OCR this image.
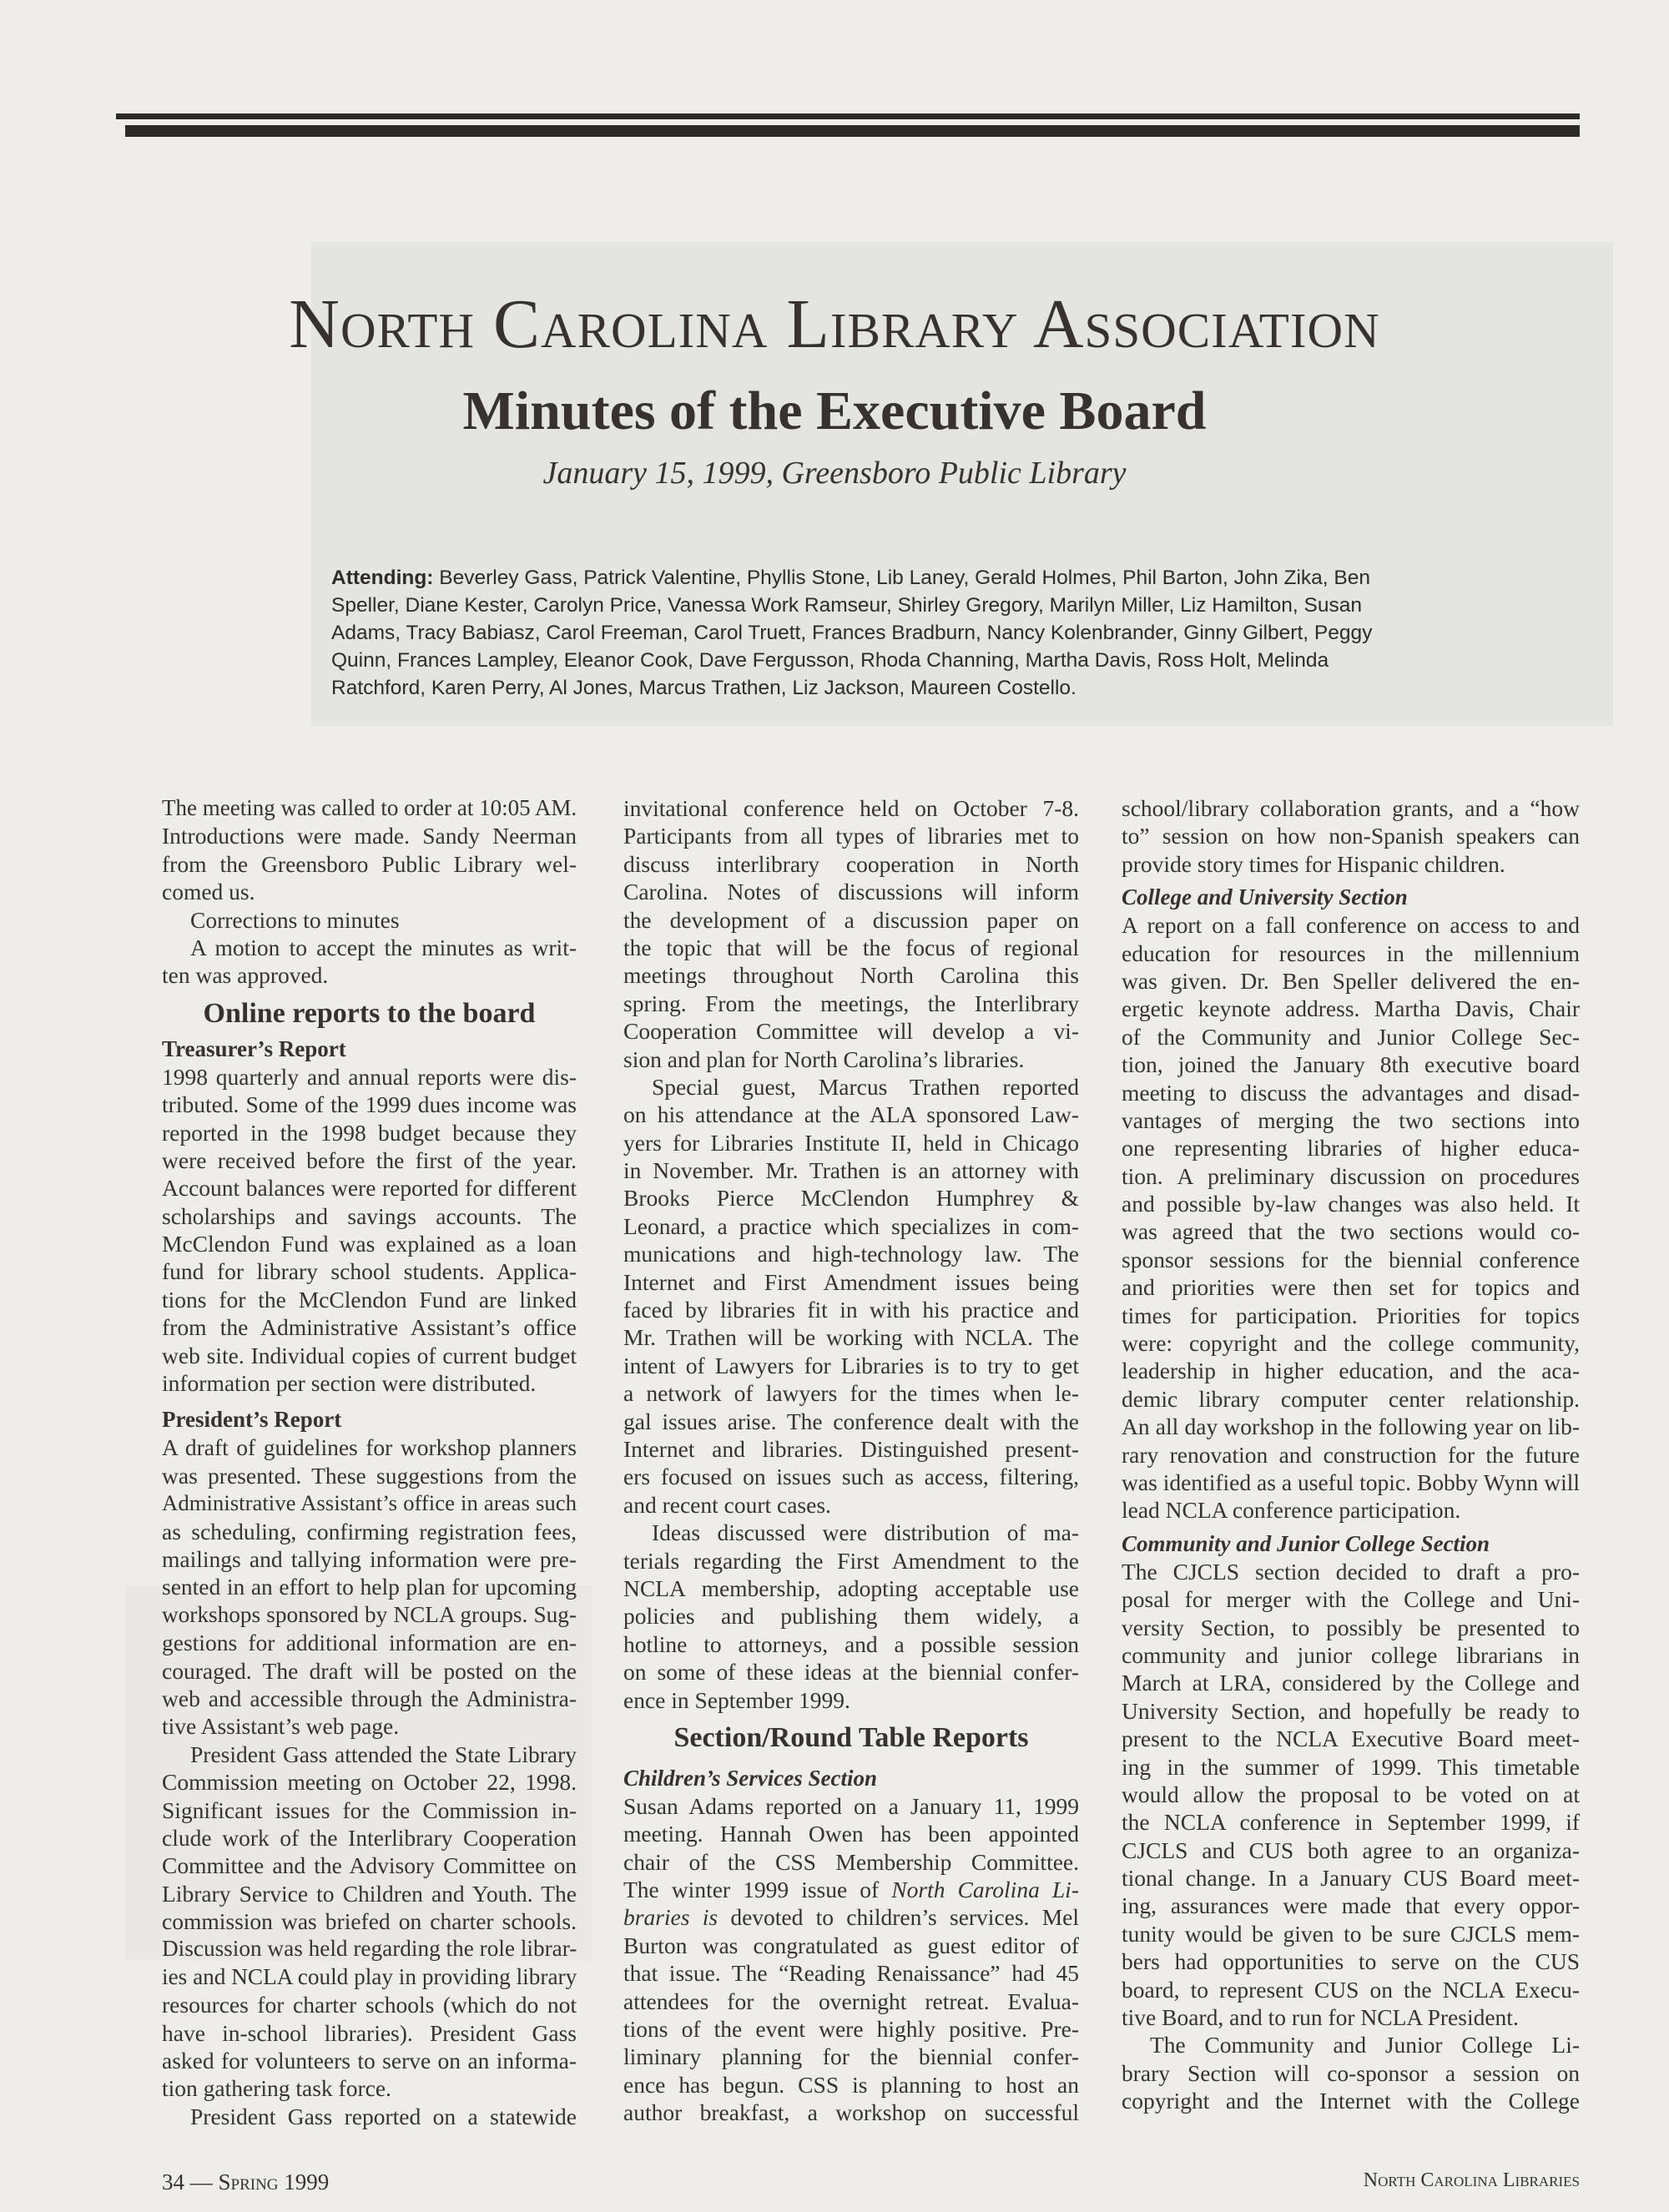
North Carolina Library Association
Minutes of the Executive Board
January 15, 1999, Greensboro Public Library
Attending: Beverley Gass, Patrick Valentine, Phyllis Stone, Lib Laney, Gerald Holmes, Phil Barton, John Zika, Ben
Speller, Diane Kester, Carolyn Price, Vanessa Work Ramseur, Shirley Gregory, Marilyn Miller, Liz Hamilton, Susan
Adams, Tracy Babiasz, Carol Freeman, Carol Truett, Frances Bradburn, Nancy Kolenbrander, Ginny Gilbert, Peggy
Quinn, Frances Lampley, Eleanor Cook, Dave Fergusson, Rhoda Channing, Martha Davis, Ross Holt, Melinda
Ratchford, Karen Perry, Al Jones, Marcus Trathen, Liz Jackson, Maureen Costello.
The meeting was called to order at 10:05 AM.
Introductions were made. Sandy Neerman
from the Greensboro Public Library wel-
comed us.
Corrections to minutes
A motion to accept the minutes as writ-
ten was approved.
Online reports to the board
Treasurer’s Report
1998 quarterly and annual reports were dis-
tributed. Some of the 1999 dues income was
reported in the 1998 budget because they
were received before the first of the year.
Account balances were reported for different
scholarships and savings accounts. The
McClendon Fund was explained as a loan
fund for library school students. Applica-
tions for the McClendon Fund are linked
from the Administrative Assistant’s office
web site. Individual copies of current budget
information per section were distributed.
President’s Report
A draft of guidelines for workshop planners
was presented. These suggestions from the
Administrative Assistant’s office in areas such
as scheduling, confirming registration fees,
mailings and tallying information were pre-
sented in an effort to help plan for upcoming
workshops sponsored by NCLA groups. Sug-
gestions for additional information are en-
couraged. The draft will be posted on the
web and accessible through the Administra-
tive Assistant’s web page.
President Gass attended the State Library
Commission meeting on October 22, 1998.
Significant issues for the Commission in-
clude work of the Interlibrary Cooperation
Committee and the Advisory Committee on
Library Service to Children and Youth. The
commission was briefed on charter schools.
Discussion was held regarding the role librar-
ies and NCLA could play in providing library
resources for charter schools (which do not
have in-school libraries). President Gass
asked for volunteers to serve on an informa-
tion gathering task force.
President Gass reported on a statewide
invitational conference held on October 7-8.
Participants from all types of libraries met to
discuss interlibrary cooperation in North
Carolina. Notes of discussions will inform
the development of a discussion paper on
the topic that will be the focus of regional
meetings throughout North Carolina this
spring. From the meetings, the Interlibrary
Cooperation Committee will develop a vi-
sion and plan for North Carolina’s libraries.
Special guest, Marcus Trathen reported
on his attendance at the ALA sponsored Law-
yers for Libraries Institute II, held in Chicago
in November. Mr. Trathen is an attorney with
Brooks Pierce McClendon Humphrey &
Leonard, a practice which specializes in com-
munications and high-technology law. The
Internet and First Amendment issues being
faced by libraries fit in with his practice and
Mr. Trathen will be working with NCLA. The
intent of Lawyers for Libraries is to try to get
a network of lawyers for the times when le-
gal issues arise. The conference dealt with the
Internet and libraries. Distinguished present-
ers focused on issues such as access, filtering,
and recent court cases.
Ideas discussed were distribution of ma-
terials regarding the First Amendment to the
NCLA membership, adopting acceptable use
policies and publishing them widely, a
hotline to attorneys, and a possible session
on some of these ideas at the biennial confer-
ence in September 1999.
Section/Round Table Reports
Children’s Services Section
Susan Adams reported on a January 11, 1999
meeting. Hannah Owen has been appointed
chair of the CSS Membership Committee.
The winter 1999 issue of North Carolina Li-
braries is devoted to children’s services. Mel
Burton was congratulated as guest editor of
that issue. The “Reading Renaissance” had 45
attendees for the overnight retreat. Evalua-
tions of the event were highly positive. Pre-
liminary planning for the biennial confer-
ence has begun. CSS is planning to host an
author breakfast, a workshop on successful
school/library collaboration grants, and a “how
to” session on how non-Spanish speakers can
provide story times for Hispanic children.
College and University Section
A report on a fall conference on access to and
education for resources in the millennium
was given. Dr. Ben Speller delivered the en-
ergetic keynote address. Martha Davis, Chair
of the Community and Junior College Sec-
tion, joined the January 8th executive board
meeting to discuss the advantages and disad-
vantages of merging the two sections into
one representing libraries of higher educa-
tion. A preliminary discussion on procedures
and possible by-law changes was also held. It
was agreed that the two sections would co-
sponsor sessions for the biennial conference
and priorities were then set for topics and
times for participation. Priorities for topics
were: copyright and the college community,
leadership in higher education, and the aca-
demic library computer center relationship.
An all day workshop in the following year on lib-
rary renovation and construction for the future
was identified as a useful topic. Bobby Wynn will
lead NCLA conference participation.
Community and Junior College Section
The CJCLS section decided to draft a pro-
posal for merger with the College and Uni-
versity Section, to possibly be presented to
community and junior college librarians in
March at LRA, considered by the College and
University Section, and hopefully be ready to
present to the NCLA Executive Board meet-
ing in the summer of 1999. This timetable
would allow the proposal to be voted on at
the NCLA conference in September 1999, if
CJCLS and CUS both agree to an organiza-
tional change. In a January CUS Board meet-
ing, assurances were made that every oppor-
tunity would be given to be sure CJCLS mem-
bers had opportunities to serve on the CUS
board, to represent CUS on the NCLA Execu-
tive Board, and to run for NCLA President.
The Community and Junior College Li-
brary Section will co-sponsor a session on
copyright and the Internet with the College
34 — Spring 1999	North Carolina Libraries
